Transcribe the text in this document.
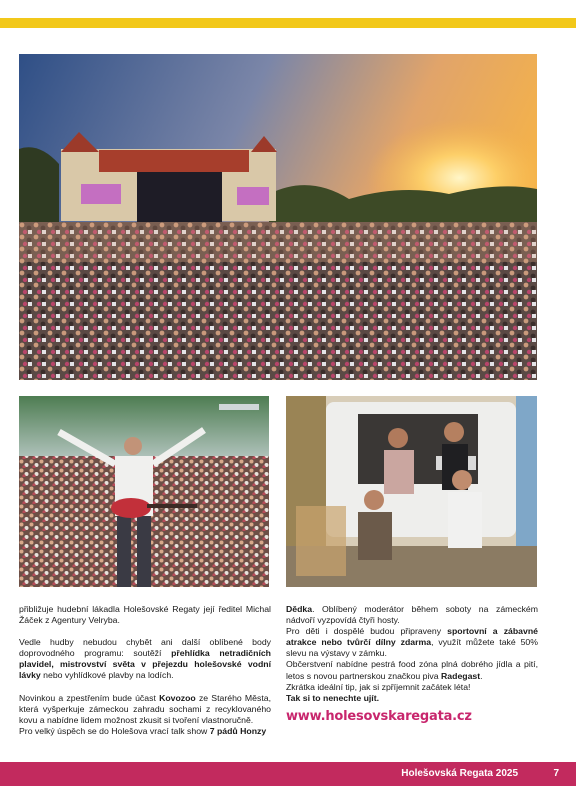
přibližuje hudební lákadla Holešovské Regaty její ředitel Michal Žáček z Agentury Velryba.

Vedle hudby nebudou chybět ani další oblíbené body doprovodného programu: soutěží přehlídka netradičních plavidel, mistrovství světa v přejezdu holešovské vodní lávky nebo vyhlídkové plavby na lodích.

Novinkou a zpestřením bude účast Kovozoo ze Starého Města, která vyšperkuje zámeckou zahradu sochami z recyklovaného kovu a nabídne lidem možnost zkusit si tvoření vlastnoručně.

Pro velký úspěch se do Holešova vrací talk show 7 pádů Honzy

Dědka. Oblíbený moderátor během soboty na zámeckém nádvoří vyzpovídá čtyři hosty.

Pro děti i dospělé budou připraveny sportovní a zábavné atrakce nebo tvůrčí dílny zdarma, využít můžete také 50% slevu na výstavy v zámku.

Občerstvení nabídne pestrá food zóna plná dobrého jídla a pití, letos s novou partnerskou značkou piva Radegast.

Zkrátka ideální tip, jak si zpříjemnit začátek léta!

Tak si to nenechte ujít.

www.holesovskaregata.cz
Holešovská Regata 2025	7
